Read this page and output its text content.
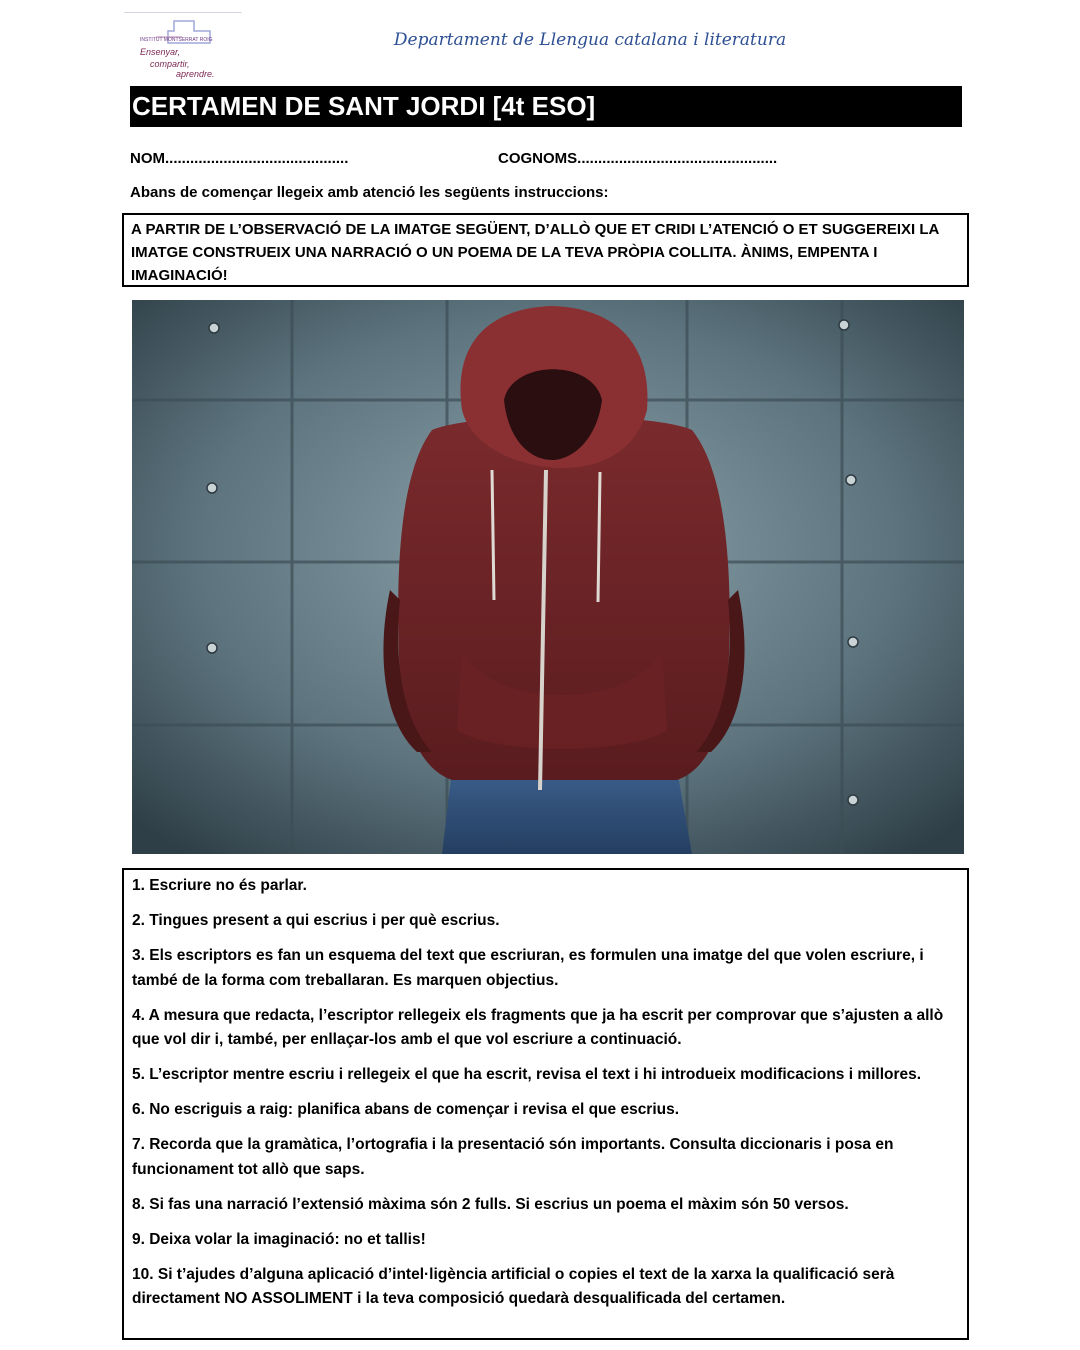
INSTITUT MONTSERRAT ROIG
Ensenyar,
compartir,
aprendre.
Departament de Llengua catalana i literatura
CERTAMEN DE SANT JORDI [4t ESO]
NOM............................................	COGNOMS................................................
Abans de començar llegeix amb atenció les següents instruccions:
A PARTIR DE L’OBSERVACIÓ DE LA IMATGE SEGÜENT, D’ALLÒ QUE ET CRIDI L’ATENCIÓ O ET SUGGEREIXI LA IMATGE CONSTRUEIX UNA NARRACIÓ O UN POEMA DE LA TEVA PRÒPIA COLLITA. ÀNIMS, EMPENTA I IMAGINACIÓ!
1. Escriure no és parlar.
2. Tingues present a qui escrius i per què escrius.
3. Els escriptors es fan un esquema del text que escriuran, es formulen una imatge del que volen escriure, i també de la forma com treballaran. Es marquen objectius.
4. A mesura que redacta, l’escriptor rellegeix els fragments que ja ha escrit per comprovar que s’ajusten a allò que vol dir i, també, per enllaçar-los amb el que vol escriure a continuació.
5. L’escriptor mentre escriu i rellegeix el que ha escrit, revisa el text i hi introdueix modificacions i millores.
6. No escriguis a raig: planifica abans de començar i revisa el que escrius.
7. Recorda que la gramàtica, l’ortografia i la presentació són importants. Consulta diccionaris i posa en funcionament tot allò que saps.
8. Si fas una narració l’extensió màxima són 2 fulls. Si escrius un poema el màxim són 50 versos.
9. Deixa volar la imaginació: no et tallis!
10. Si t’ajudes d’alguna aplicació d’intel·ligència artificial o copies el text de la xarxa la qualificació serà directament NO ASSOLIMENT i la teva composició quedarà desqualificada del certamen.
